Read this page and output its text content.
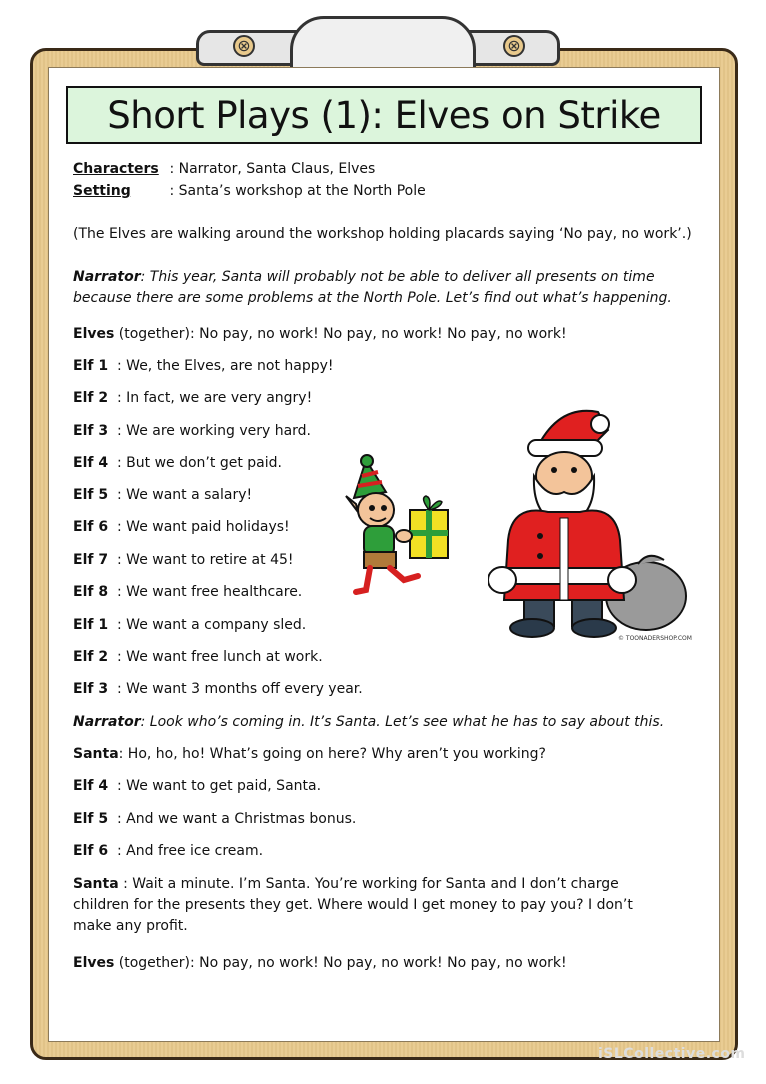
⊗	⊗
Short Plays (1): Elves on Strike
Characters : Narrator, Santa Claus, Elves
Setting : Santa’s workshop at the North Pole
(The Elves are walking around the workshop holding placards saying ‘No pay, no work’.)
Narrator: This year, Santa will probably not be able to deliver all presents on time
because there are some problems at the North Pole. Let’s find out what’s happening.
Elves (together): No pay, no work! No pay, no work! No pay, no work!
Elf 1 : We, the Elves, are not happy!
Elf 2 : In fact, we are very angry!
Elf 3 : We are working very hard.
Elf 4 : But we don’t get paid.
Elf 5 : We want a salary!
Elf 6 : We want paid holidays!
Elf 7 : We want to retire at 45!
Elf 8 : We want free healthcare.
Elf 1 : We want a company sled.
Elf 2 : We want free lunch at work.
Elf 3 : We want 3 months off every year.
Narrator: Look who’s coming in. It’s Santa. Let’s see what he has to say about this.
Santa: Ho, ho, ho! What’s going on here? Why aren’t you working?
Elf 4 : We want to get paid, Santa.
Elf 5 : And we want a Christmas bonus.
Elf 6 : And free ice cream.
Santa : Wait a minute. I’m Santa. You’re working for Santa and I don’t charge
children for the presents they get. Where would I get money to pay you? I don’t
make any profit.
Elves (together): No pay, no work! No pay, no work! No pay, no work!
© TOONADERSHOP.COM
iSLCollective.com
